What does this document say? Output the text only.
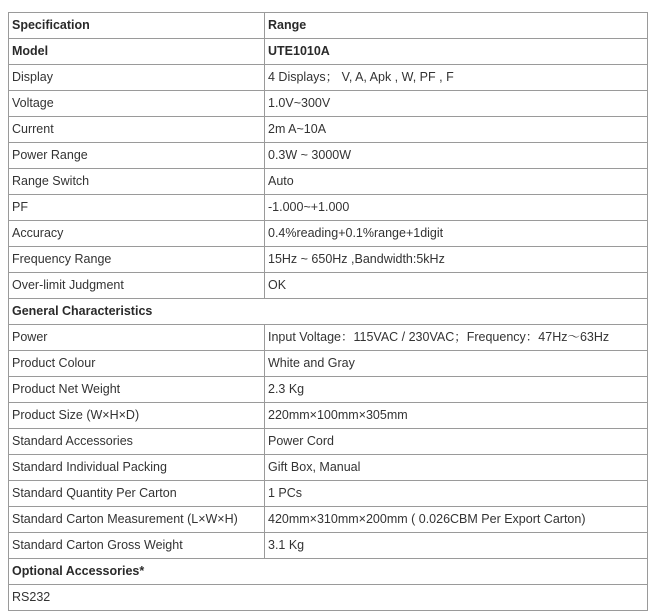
Specification	Range
Model	UTE1010A
Display	4 Displays； V, A, Apk , W, PF , F
Voltage	1.0V~300V
Current	2m A~10A
Power Range	0.3W ~ 3000W
Range Switch	Auto
PF	-1.000~+1.000
Accuracy	0.4%reading+0.1%range+1digit
Frequency Range	15Hz ~ 650Hz ,Bandwidth:5kHz
Over-limit Judgment	OK
General Characteristics	
Power	Input Voltage：115VAC / 230VAC；Frequency：47Hz～63Hz
Product Colour	White and Gray
Product Net Weight	2.3 Kg
Product Size (W×H×D)	220mm×100mm×305mm
Standard Accessories	Power Cord
Standard Individual Packing	Gift Box, Manual
Standard Quantity Per Carton	1 PCs
Standard Carton Measurement (L×W×H)	420mm×310mm×200mm ( 0.026CBM Per Export Carton)
Standard Carton Gross Weight	3.1 Kg
Optional Accessories*	
RS232	
